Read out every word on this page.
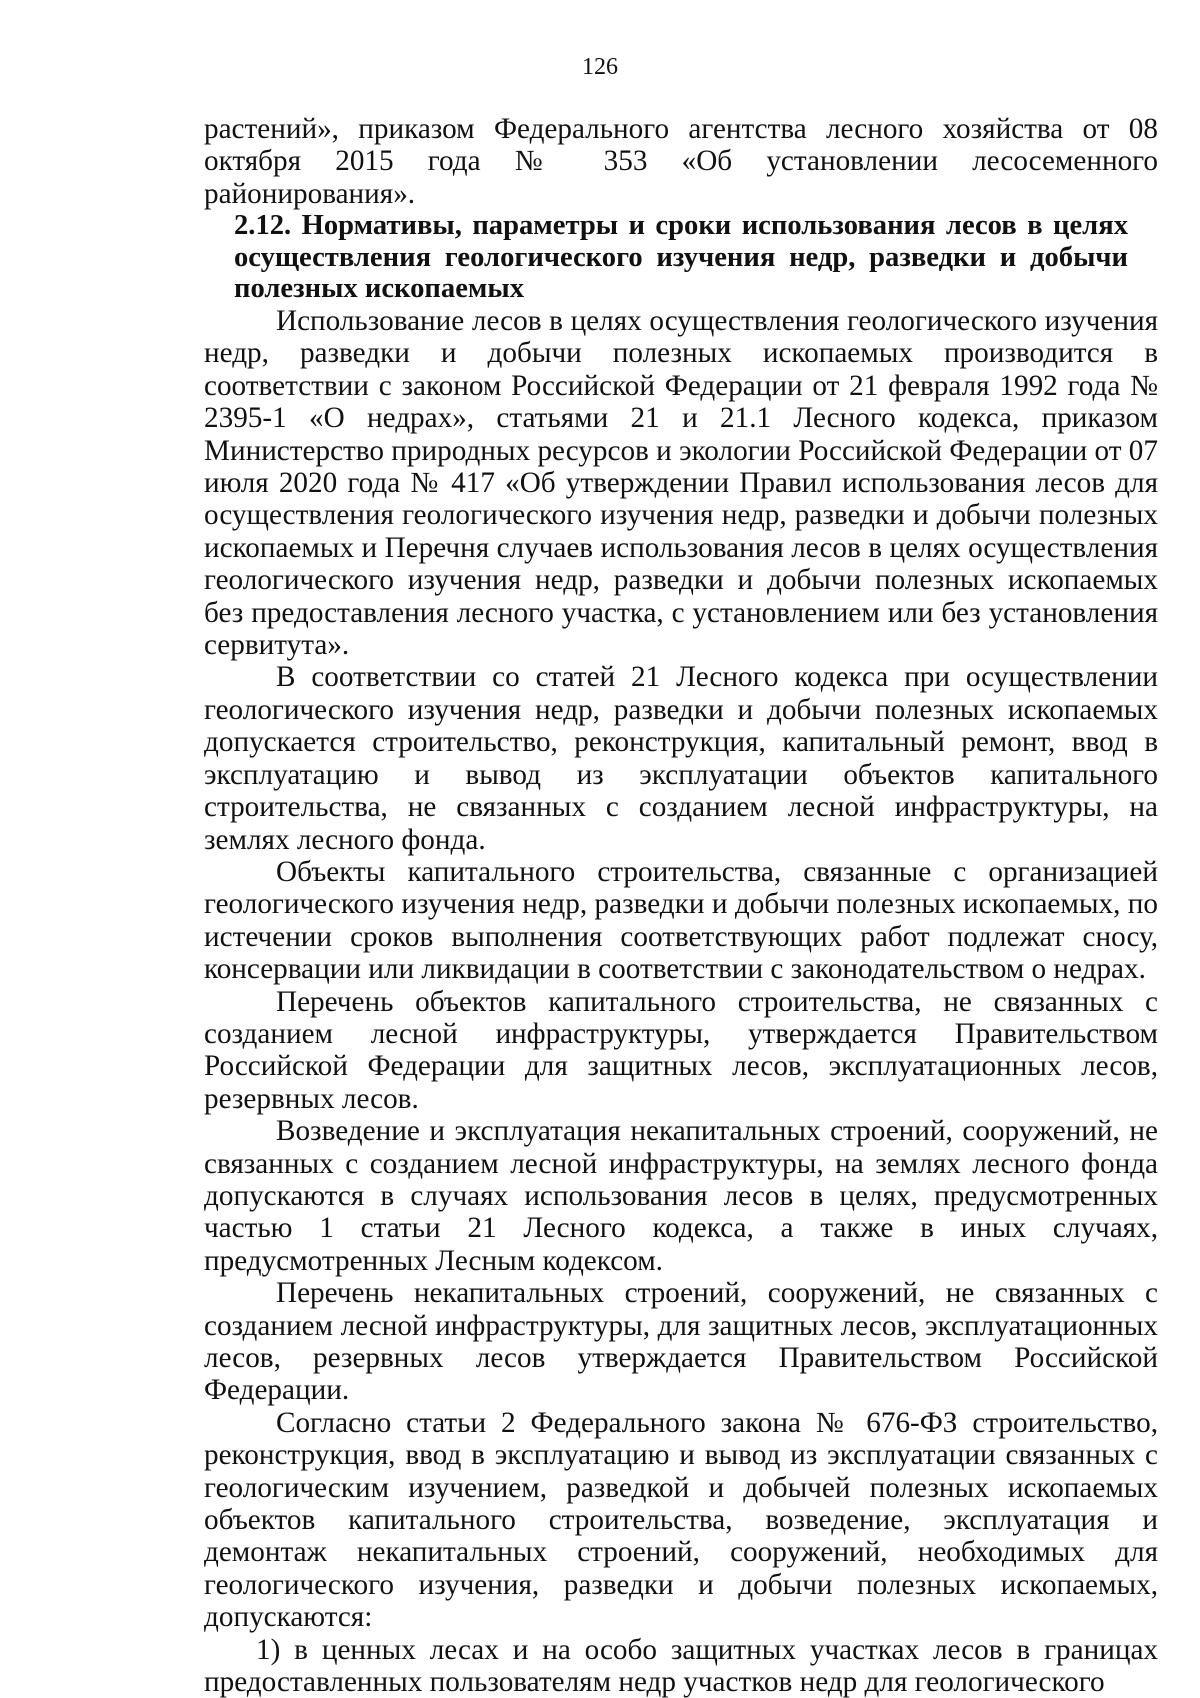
126

растений», приказом Федерального агентства лесного хозяйства от 08 октября 2015 года № 353 «Об установлении лесосеменного районирования».

2.12. Нормативы, параметры и сроки использования лесов в целях осуществления геологического изучения недр, разведки и добычи полезных ископаемых

Использование лесов в целях осуществления геологического изучения недр, разведки и добычи полезных ископаемых производится в соответствии с законом Российской Федерации от 21 февраля 1992 года № 2395-1 «О недрах», статьями 21 и 21.1 Лесного кодекса, приказом Министерство природных ресурсов и экологии Российской Федерации от 07 июля 2020 года № 417 «Об утверждении Правил использования лесов для осуществления геологического изучения недр, разведки и добычи полезных ископаемых и Перечня случаев использования лесов в целях осуществления геологического изучения недр, разведки и добычи полезных ископаемых без предоставления лесного участка, с установлением или без установления сервитута».

В соответствии со статей 21 Лесного кодекса при осуществлении геологического изучения недр, разведки и добычи полезных ископаемых допускается строительство, реконструкция, капитальный ремонт, ввод в эксплуатацию и вывод из эксплуатации объектов капитального строительства, не связанных с созданием лесной инфраструктуры, на землях лесного фонда.

Объекты капитального строительства, связанные с организацией геологического изучения недр, разведки и добычи полезных ископаемых, по истечении сроков выполнения соответствующих работ подлежат сносу, консервации или ликвидации в соответствии с законодательством о недрах.

Перечень объектов капитального строительства, не связанных с созданием лесной инфраструктуры, утверждается Правительством Российской Федерации для защитных лесов, эксплуатационных лесов, резервных лесов.

Возведение и эксплуатация некапитальных строений, сооружений, не связанных с созданием лесной инфраструктуры, на землях лесного фонда допускаются в случаях использования лесов в целях, предусмотренных частью 1 статьи 21 Лесного кодекса, а также в иных случаях, предусмотренных Лесным кодексом.

Перечень некапитальных строений, сооружений, не связанных с созданием лесной инфраструктуры, для защитных лесов, эксплуатационных лесов, резервных лесов утверждается Правительством Российской Федерации.

Согласно статьи 2 Федерального закона № 676-ФЗ строительство, реконструкция, ввод в эксплуатацию и вывод из эксплуатации связанных с геологическим изучением, разведкой и добычей полезных ископаемых объектов капитального строительства, возведение, эксплуатация и демонтаж некапитальных строений, сооружений, необходимых для геологического изучения, разведки и добычи полезных ископаемых, допускаются:

1) в ценных лесах и на особо защитных участках лесов в границах предоставленных пользователям недр участков недр для геологического
